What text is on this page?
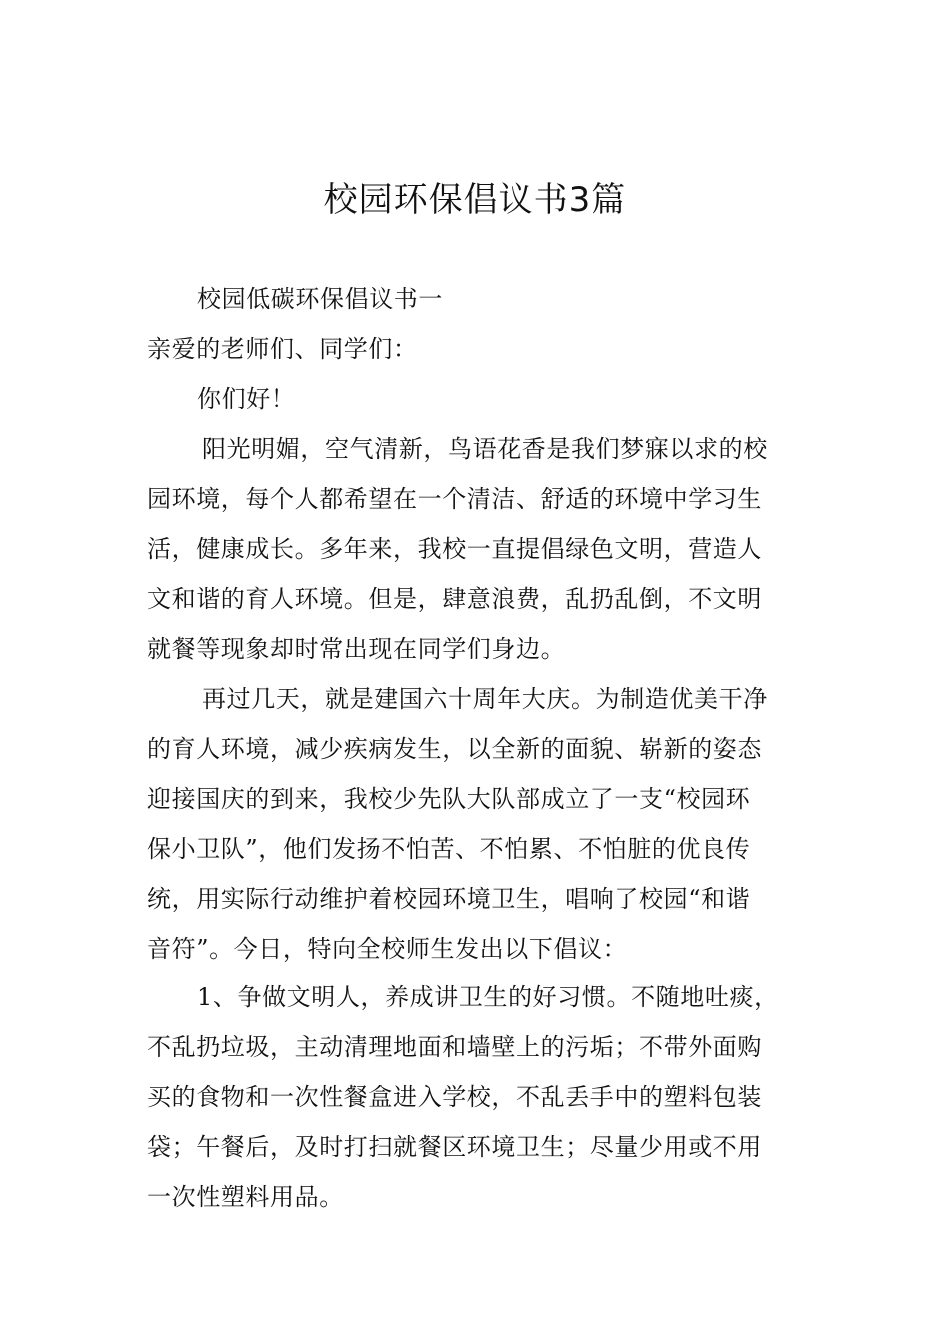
校园环保倡议书3篇

校园低碳环保倡议书一

亲爱的老师们、同学们：

你们好！

阳光明媚，空气清新，鸟语花香是我们梦寐以求的校
园环境，每个人都希望在一个清洁、舒适的环境中学习生
活，健康成长。多年来，我校一直提倡绿色文明，营造人
文和谐的育人环境。但是，肆意浪费，乱扔乱倒，不文明
就餐等现象却时常出现在同学们身边。

再过几天，就是建国六十周年大庆。为制造优美干净
的育人环境，减少疾病发生，以全新的面貌、崭新的姿态
迎接国庆的到来，我校少先队大队部成立了一支“校园环
保小卫队”，他们发扬不怕苦、不怕累、不怕脏的优良传
统，用实际行动维护着校园环境卫生，唱响了校园“和谐
音符”。今日，特向全校师生发出以下倡议：

1、争做文明人，养成讲卫生的好习惯。不随地吐痰，
不乱扔垃圾，主动清理地面和墙壁上的污垢；不带外面购
买的食物和一次性餐盒进入学校，不乱丢手中的塑料包装
袋；午餐后，及时打扫就餐区环境卫生；尽量少用或不用
一次性塑料用品。
